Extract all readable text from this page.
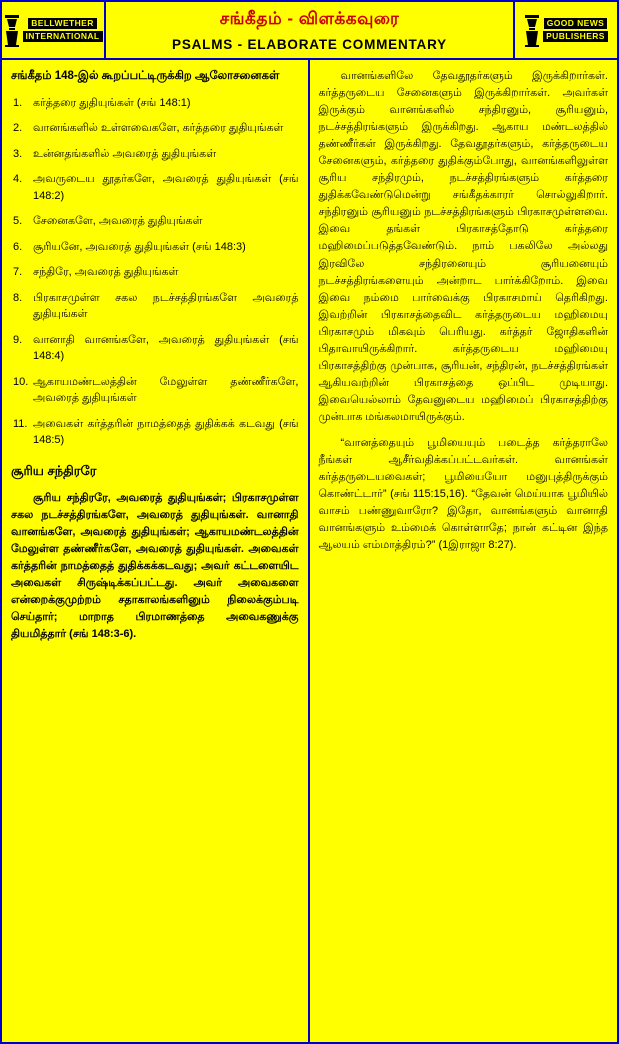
BELLWETHER
INTERNATIONAL
சங்கீதம் - விளக்கவுரை
PSALMS - ELABORATE COMMENTARY
GOOD NEWS
PUBLISHERS
சங்கீதம் 148-இல் கூறப்பட்டிருக்கிற ஆலோசனைகள்
1. கர்த்தரை துதியுங்கள் (சங் 148:1)
2. வானங்களில் உள்ளவைகளே, கர்த்தரை துதியுங்கள்
3. உன்னதங்களில் அவரைத் துதியுங்கள்
4. அவருடைய தூதர்களே, அவரைத் துதியுங்கள் (சங் 148:2)
5. சேனைகளே, அவரைத் துதியுங்கள்
6. சூரியனே, அவரைத் துதியுங்கள் (சங் 148:3)
7. சந்திரே, அவரைத் துதியுங்கள்
8. பிரகாசமுள்ள சகல நடச்சத்திரங்களே அவரைத் துதியுங்கள்
9. வானாதி வானங்களே, அவரைத் துதியுங்கள் (சங் 148:4)
10. ஆகாயமண்டலத்தின் மேலுள்ள தண்ணீர்களே, அவரைத் துதியுங்கள்
11. அவைகள் கர்த்தரின் நாமத்தைத் துதிக்கக் கடவது (சங் 148:5)
சூரிய சந்திரரே
சூரிய சந்திரரே, அவரைத் துதியுங்கள்; பிரகாசமுள்ள சகல நடச்சத்திரங்களே, அவரைத் துதியுங்கள். வானாதி வானங்களே, அவரைத் துதியுங்கள்; ஆகாயமண்டலத்தின் மேலுள்ள தண்ணீர்களே, அவரைத் துதியுங்கள். அவைகள் கர்த்தரின் நாமத்தைத் துதிக்கக்கடவது; அவர் கட்டளையிட அவைகள் சிருஷ்டிக்கப்பட்டது. அவர் அவைகளை என்றைக்குமுற்றம் சதாகாலங்களினும் நிலைக்கும்படி செய்தார்; மாறாத பிரமாணத்தை அவைகணுக்கு தியமித்தார் (சங் 148:3-6).
வானங்களிலே தேவதூதர்களும் இருக்கிறார்கள். கர்த்தருடைய சேனைகளும் இருக்கிறார்கள். அவர்கள் இருக்கும் வானங்களில் சந்திரனும், சூரியனும், நடச்சத்திரங்களும் இருக்கிறது. ஆகாய மண்டலத்தில் தண்ணீர்கள் இருக்கிறது. தேவதூதர்களும், கர்த்தருடைய சேனைகளும், கர்த்தரை துதிக்கும்போது, வானங்களிலுள்ள சூரிய சந்திரமும், நடச்சத்திரங்களும் கர்த்தரை துதிக்கவேண்டுமென்று சங்கீதக்காரர் சொல்லுகிறார். சந்திரனும் சூரியனும் நடச்சத்திரங்களும் பிரகாசமுள்ளவை. இவை தங்கள் பிரகாசத்தோடு கர்த்தரை மஹிமைப்படுத்தவேண்டும். நாம் பகலிலே அல்லது இரவிலே சந்திரனையும் சூரியனையும் நடச்சத்திரங்களையும் அன்றாட பார்க்கிறோம். இவை இவை நம்மை பார்வைக்கு பிரகாசமாய் தெரிகிறது. இவற்றின் பிரகாசத்தைவிட கர்த்தருடைய மஹிமையு பிரகாசமும் மிகவும் பெரியது. கர்த்தர் ஜோதிகளின் பிதாவாயிருக்கிறார். கர்த்தருடைய மஹிமையு பிரகாசத்திற்கு முன்பாக, சூரியன், சந்திரன், நடச்சத்திரங்கள் ஆகியவற்றின் பிரகாசத்தை ஒப்பிட முடியாது. இவையெல்லாம் தேவனுடைய மஹிமைப் பிரகாசத்திற்கு முன்பாக மங்கலமாயிருக்கும்.
“வானத்தையும் பூமியையும் படைத்த கர்த்தராலே நீங்கள் ஆசீர்வதிக்கப்பட்டவர்கள். வானங்கள் கர்த்தருடையவைகள்; பூமியையோ மனுபுத்திருக்கும் கொண்ட்டார்” (சங் 115:15,16). “தேவன் மெய்யாக பூமியில் வாசம் பண்ணுவாரோ? இதோ, வானங்களும் வானாதி வானங்களும் உம்மைக் கொள்ளாதே; நான் கட்டின இந்த ஆலயம் எம்மாத்திரம்?” (1இராஜா 8:27).
